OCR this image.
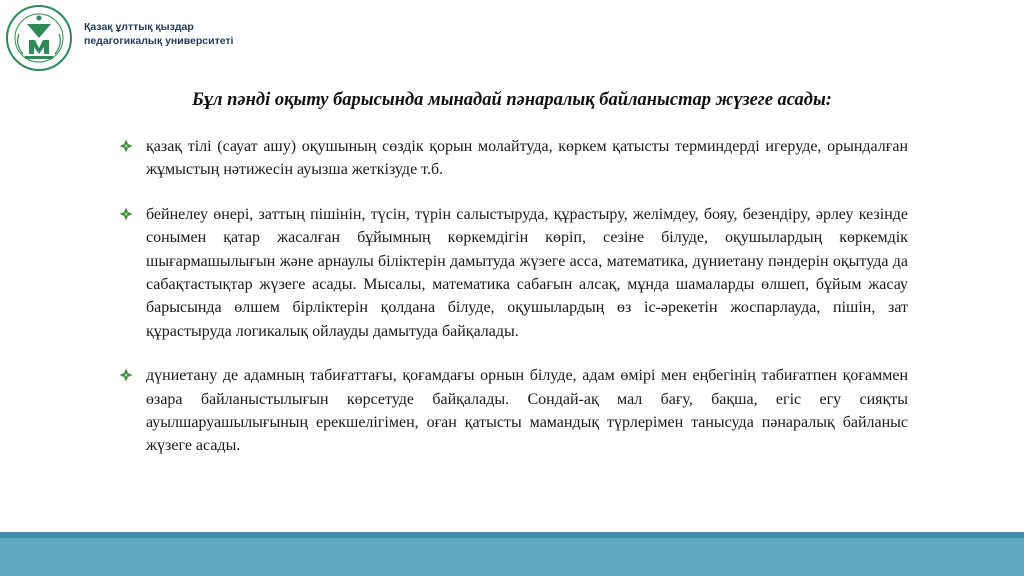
Қазақ ұлттық қыздар
педагогикалық университеті
Бұл пәнді оқыту барысында мынадай пәнаралық байланыстар жүзеге асады:
қазақ тілі (сауат ашу) оқушының сөздік қорын молайтуда, көркем қатысты терминдерді игеруде, орындалған жұмыстың нәтижесін ауызша жеткізуде т.б.
бейнелеу өнері, заттың пішінін, түсін, түрін салыстыруда, құрастыру, желімдеу, бояу, безендіру, әрлеу кезінде сонымен қатар жасалған бұйымның көркемдігін көріп, сезіне білуде, оқушылардың көркемдік шығармашылығын және арнаулы біліктерін дамытуда жүзеге асса, математика, дүниетану пәндерін оқытуда да сабақтастықтар жүзеге асады. Мысалы, математика сабағын алсақ, мұнда шамаларды өлшеп, бұйым жасау барысында өлшем бірліктерін қолдана білуде, оқушылардың өз іс-әрекетін жоспарлауда, пішін, зат құрастыруда логикалық ойлауды дамытуда байқалады.
дүниетану де адамның табиғаттағы, қоғамдағы орнын білуде, адам өмірі мен еңбегінің табиғатпен қоғаммен өзара байланыстылығын көрсетуде байқалады. Сондай-ақ мал бағу, бақша, егіс егу сияқты ауылшаруашылығының ерекшелігімен, оған қатысты мамандық түрлерімен танысуда пәнаралық байланыс жүзеге асады.
